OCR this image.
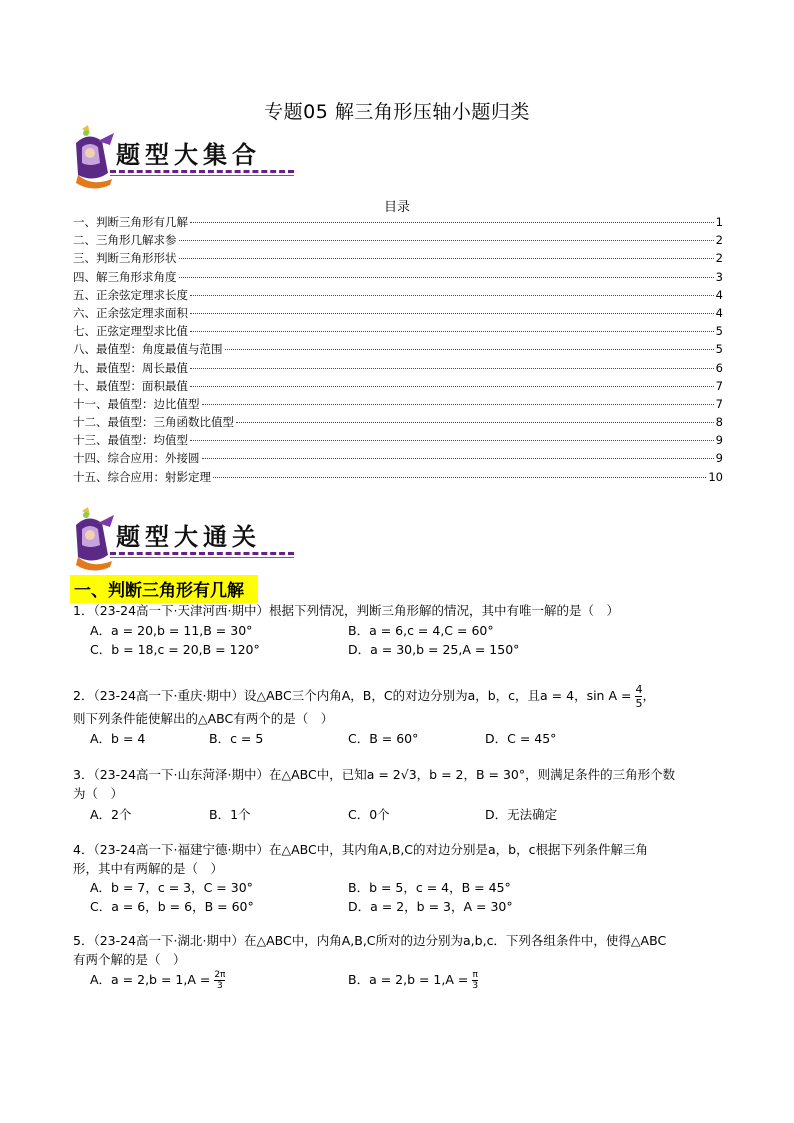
专题05 解三角形压轴小题归类
题型大集合
目录
一、判断三角形有几解	1
二、三角形几解求参	2
三、判断三角形形状	2
四、解三角形求角度	3
五、正余弦定理求长度	4
六、正余弦定理求面积	4
七、正弦定理型求比值	5
八、最值型：角度最值与范围	5
九、最值型：周长最值	6
十、最值型：面积最值	7
十一、最值型：边比值型	7
十二、最值型：三角函数比值型	8
十三、最值型：均值型	9
十四、综合应用：外接圆	9
十五、综合应用：射影定理	10
题型大通关
一、判断三角形有几解
1．（23-24高一下·天津河西·期中）根据下列情况，判断三角形解的情况，其中有唯一解的是（　）
A．a = 20,b = 11,B = 30°	B．a = 6,c = 4,C = 60°
C．b = 18,c = 20,B = 120°	D．a = 30,b = 25,A = 150°
2．（23-24高一下·重庆·期中）设△ABC三个内角A，B，C的对边分别为a，b，c，且a = 4，$\sin A = \frac{4}{5}$ ，
则下列条件能使解出的△ABC有两个的是（　）
A．b = 4	B．c = 5	C．B = 60°	D．C = 45°
3．（23-24高一下·山东菏泽·期中）在△ABC中，已知a = 2√3，b = 2，B = 30°，则满足条件的三角形个数
为（　）
A．2个	B．1个	C．0个	D．无法确定
4．（23-24高一下·福建宁德·期中）在△ABC中，其内角A,B,C的对边分别是a，b，c根据下列条件解三角
形，其中有两解的是（　）
A．b = 7，c = 3，C = 30°	B．b = 5，c = 4，B = 45°
C．a = 6，b = 6，B = 60°	D．a = 2，b = 3，A = 30°
5．（23-24高一下·湖北·期中）在△ABC中，内角A,B,C所对的边分别为a,b,c．下列各组条件中，使得△ABC
有两个解的是（　）
A．$a = 2,b = 1,A = \frac{2\pi}{3}$	B．$a = 2,b = 1,A = \frac{\pi}{3}$
